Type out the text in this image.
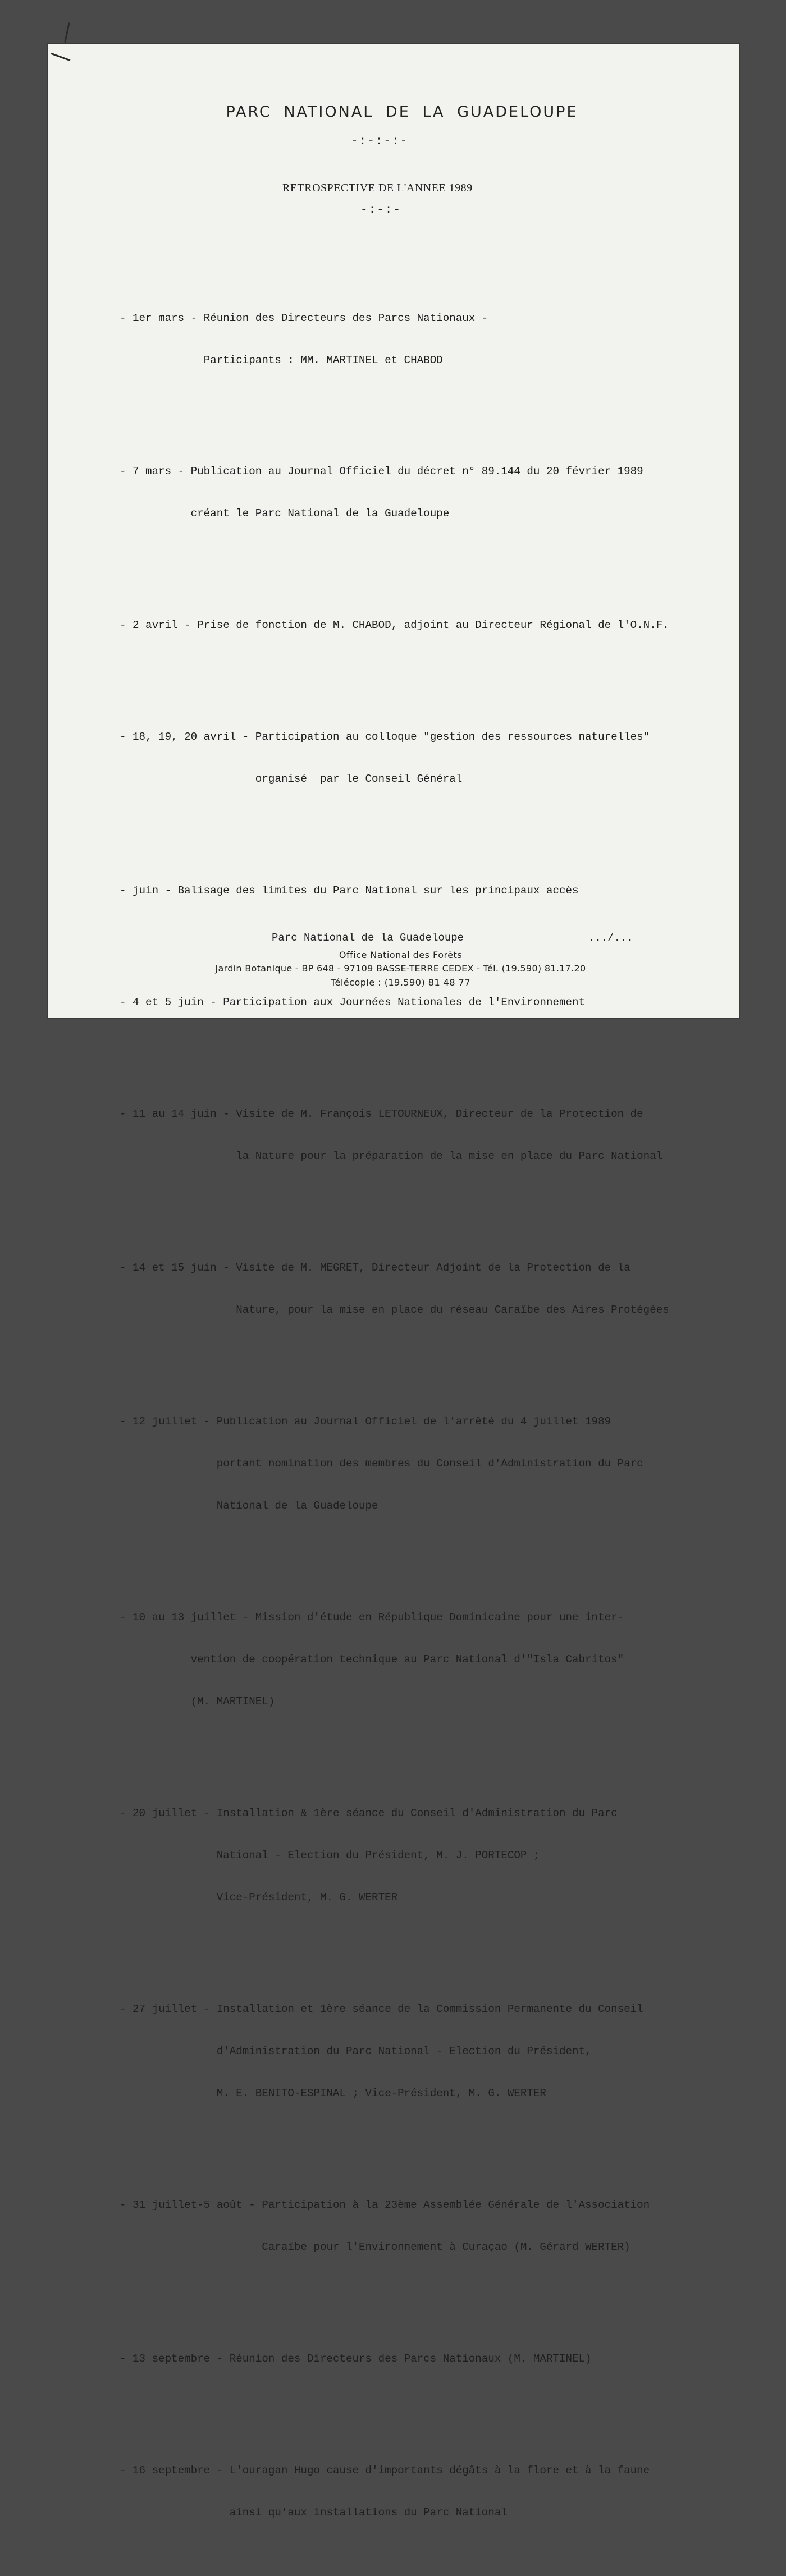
PARC NATIONAL DE LA GUADELOUPE
-:-:-:-
RETROSPECTIVE DE L'ANNEE 1989
-:-:-

- 1er mars - Réunion des Directeurs des Parcs Nationaux -

Participants : MM. MARTINEL et CHABOD

- 7 mars - Publication au Journal Officiel du décret n° 89.144 du 20 février 1989

créant le Parc National de la Guadeloupe

- 2 avril - Prise de fonction de M. CHABOD, adjoint au Directeur Régional de l'O.N.F.

- 18, 19, 20 avril - Participation au colloque "gestion des ressources naturelles"

organisé  par le Conseil Général

- juin - Balisage des limites du Parc National sur les principaux accès

- 4 et 5 juin - Participation aux Journées Nationales de l'Environnement

- 11 au 14 juin - Visite de M. François LETOURNEUX, Directeur de la Protection de

la Nature pour la préparation de la mise en place du Parc National

- 14 et 15 juin - Visite de M. MEGRET, Directeur Adjoint de la Protection de la

Nature, pour la mise en place du réseau Caraïbe des Aires Protégées

- 12 juillet - Publication au Journal Officiel de l'arrêté du 4 juillet 1989

portant nomination des membres du Conseil d'Administration du Parc

National de la Guadeloupe

- 10 au 13 juillet - Mission d'étude en République Dominicaine pour une inter-

vention de coopération technique au Parc National d'"Isla Cabritos"

(M. MARTINEL)

- 20 juillet - Installation & 1ère séance du Conseil d'Administration du Parc

National - Election du Président, M. J. PORTECOP ;

Vice-Président, M. G. WERTER

- 27 juillet - Installation et 1ère séance de la Commission Permanente du Conseil

d'Administration du Parc National - Election du Président,

M. E. BENITO-ESPINAL ; Vice-Président, M. G. WERTER

- 31 juillet-5 août - Participation à la 23ème Assemblée Générale de l'Association

Caraïbe pour l'Environnement à Curaçao (M. Gérard WERTER)

- 13 septembre - Réunion des Directeurs des Parcs Nationaux (M. MARTINEL)

- 16 septembre - L'ouragan Hugo cause d'importants dégâts à la flore et à la faune

ainsi qu'aux installations du Parc National

Parc National de la Guadeloupe	.../...
Office National des Forêts
Jardin Botanique - BP 648 - 97109 BASSE-TERRE CEDEX - Tél. (19.590) 81.17.20
Télécopie : (19.590) 81 48 77
